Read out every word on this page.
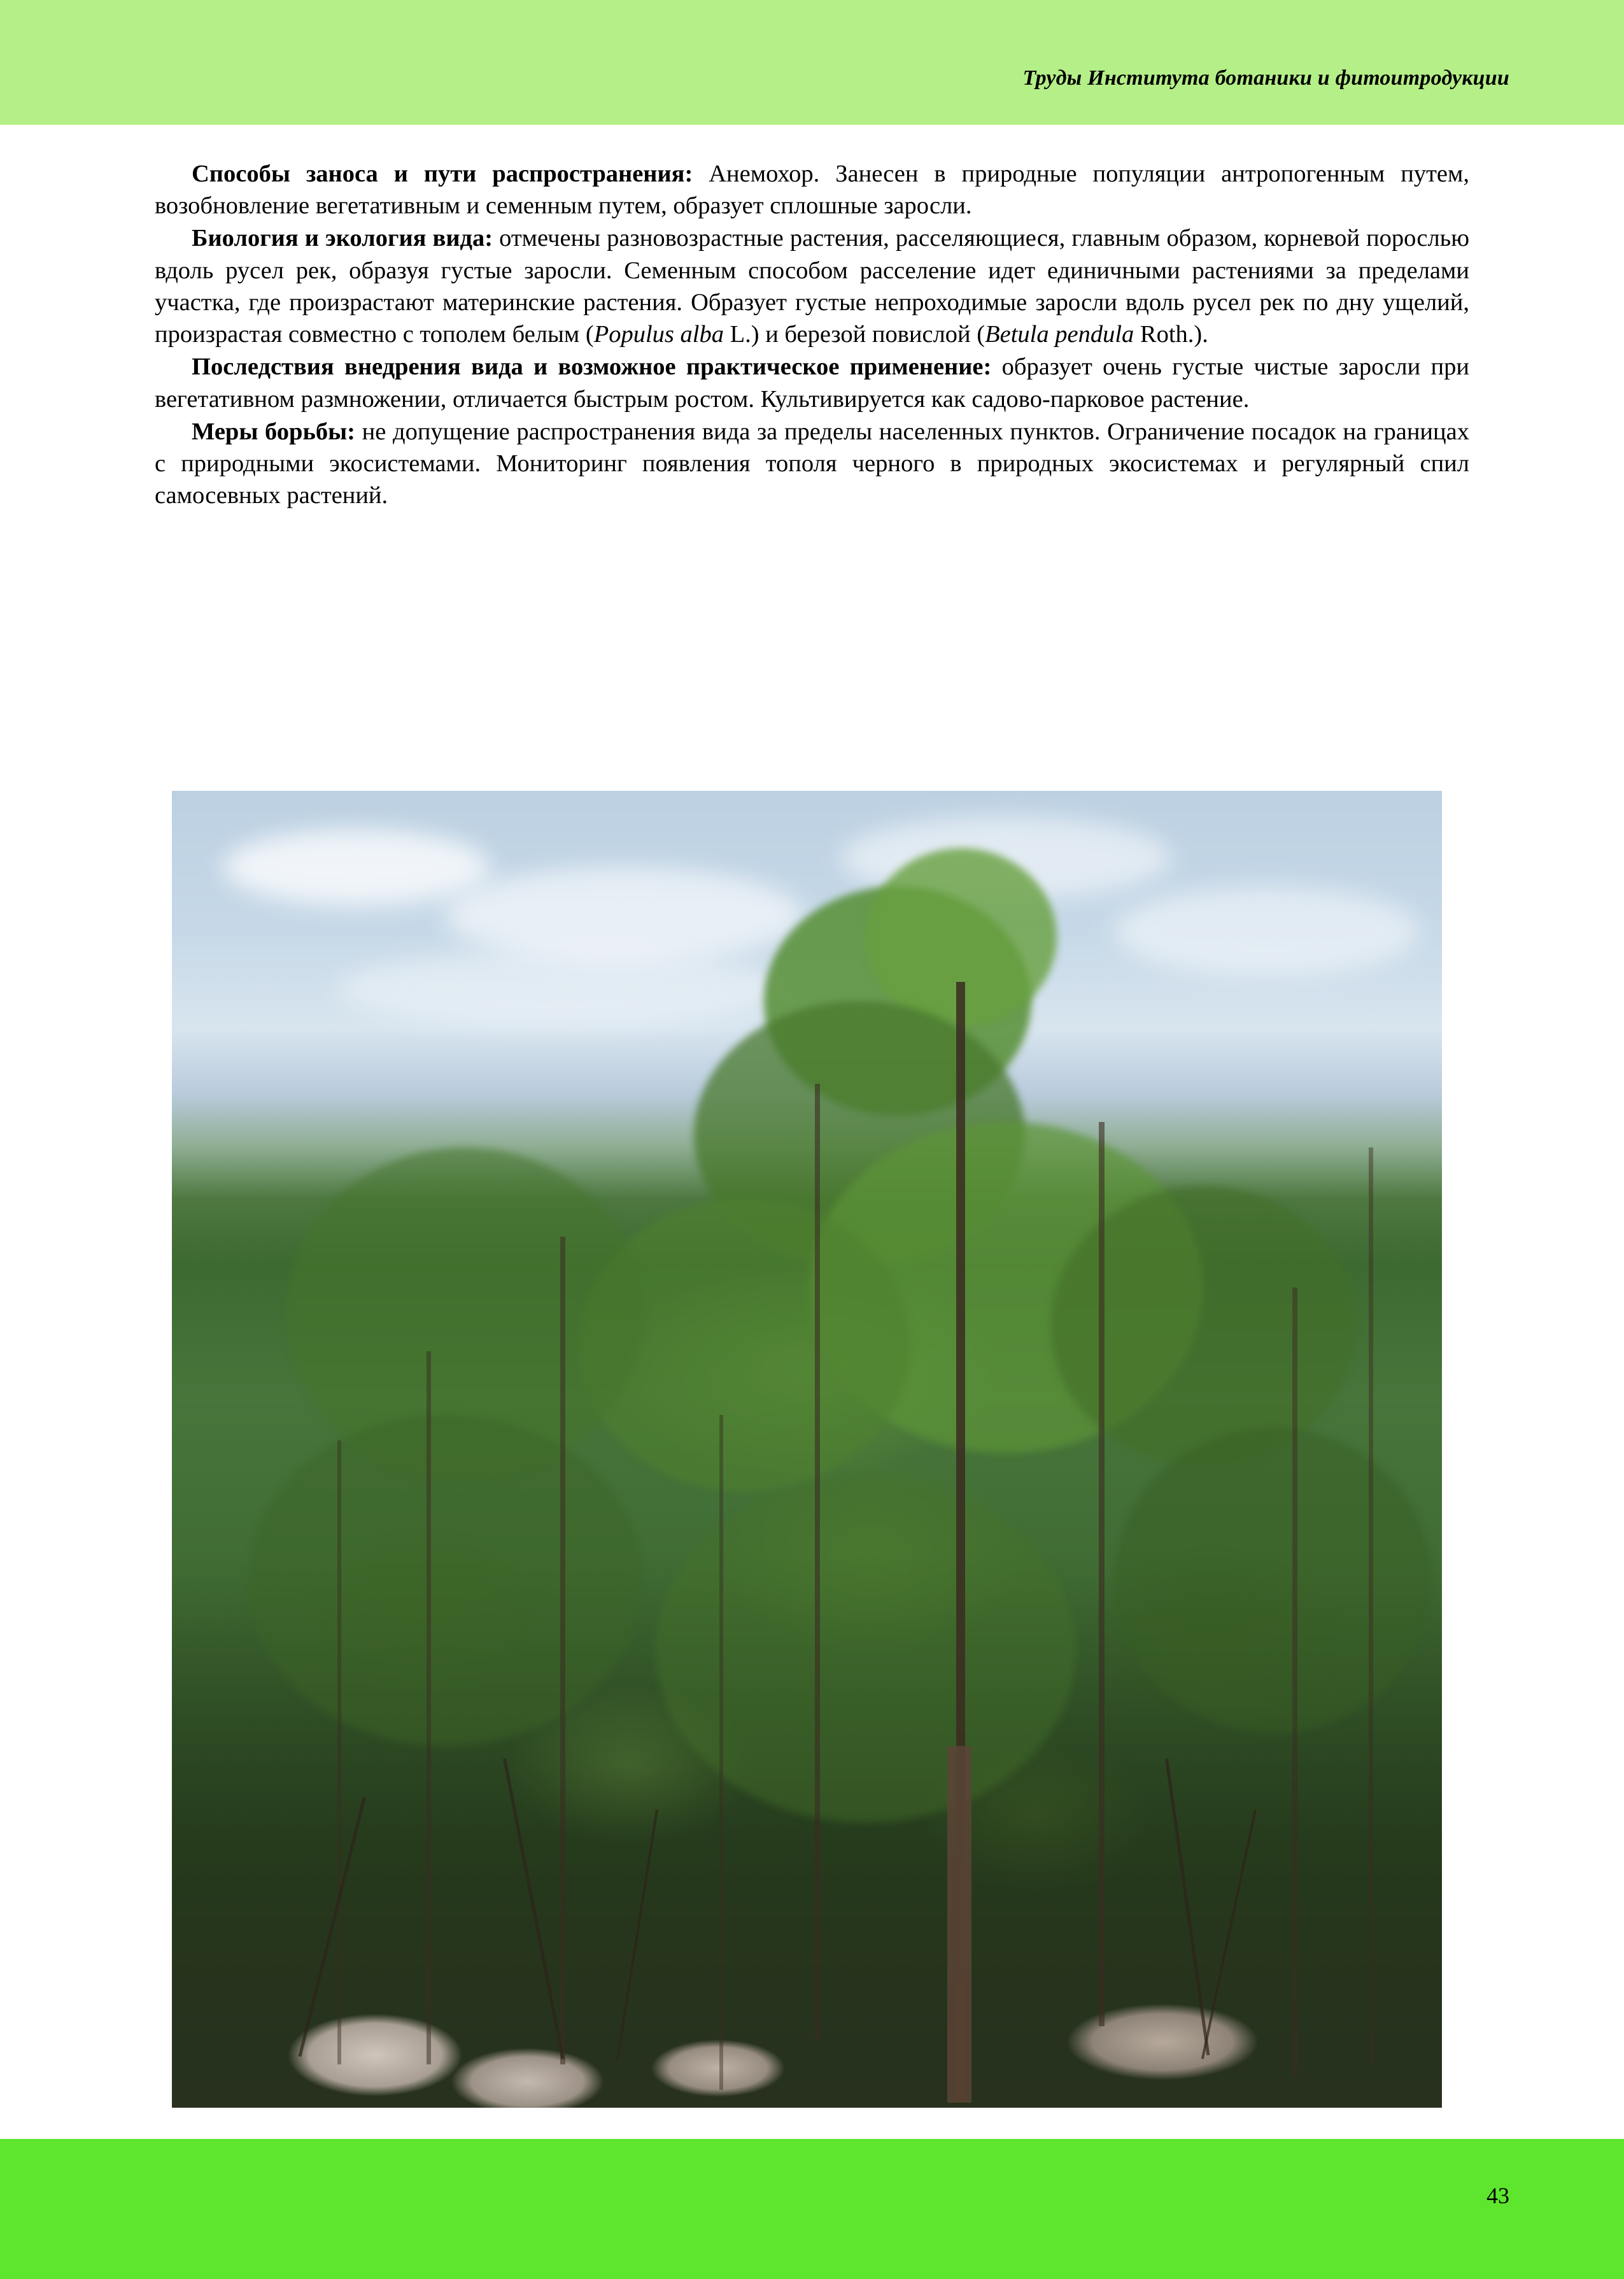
Труды Института ботаники и фитоитродукции

Способы заноса и пути распространения: Анемохор. Занесен в природные популяции антропогенным путем, возобновление вегетативным и семенным путем, образует сплошные заросли.

Биология и экология вида: отмечены разновозрастные растения, расселяющиеся, главным образом, корневой порослью вдоль русел рек, образуя густые заросли. Семенным способом расселение идет единичными растениями за пределами участка, где произрастают материнские растения. Образует густые непроходимые заросли вдоль русел рек по дну ущелий, произрастая совместно с тополем белым (Populus alba L.) и березой повислой (Betula pendula Roth.).

Последствия внедрения вида и возможное практическое применение: образует очень густые чистые заросли при вегетативном размножении, отличается быстрым ростом. Культивируется как садово-парковое растение.

Меры борьбы: не допущение распространения вида за пределы населенных пунктов. Ограничение посадок на границах с природными экосистемами. Мониторинг появления тополя черного в природных экосистемах и регулярный спил самосевных растений.

43
